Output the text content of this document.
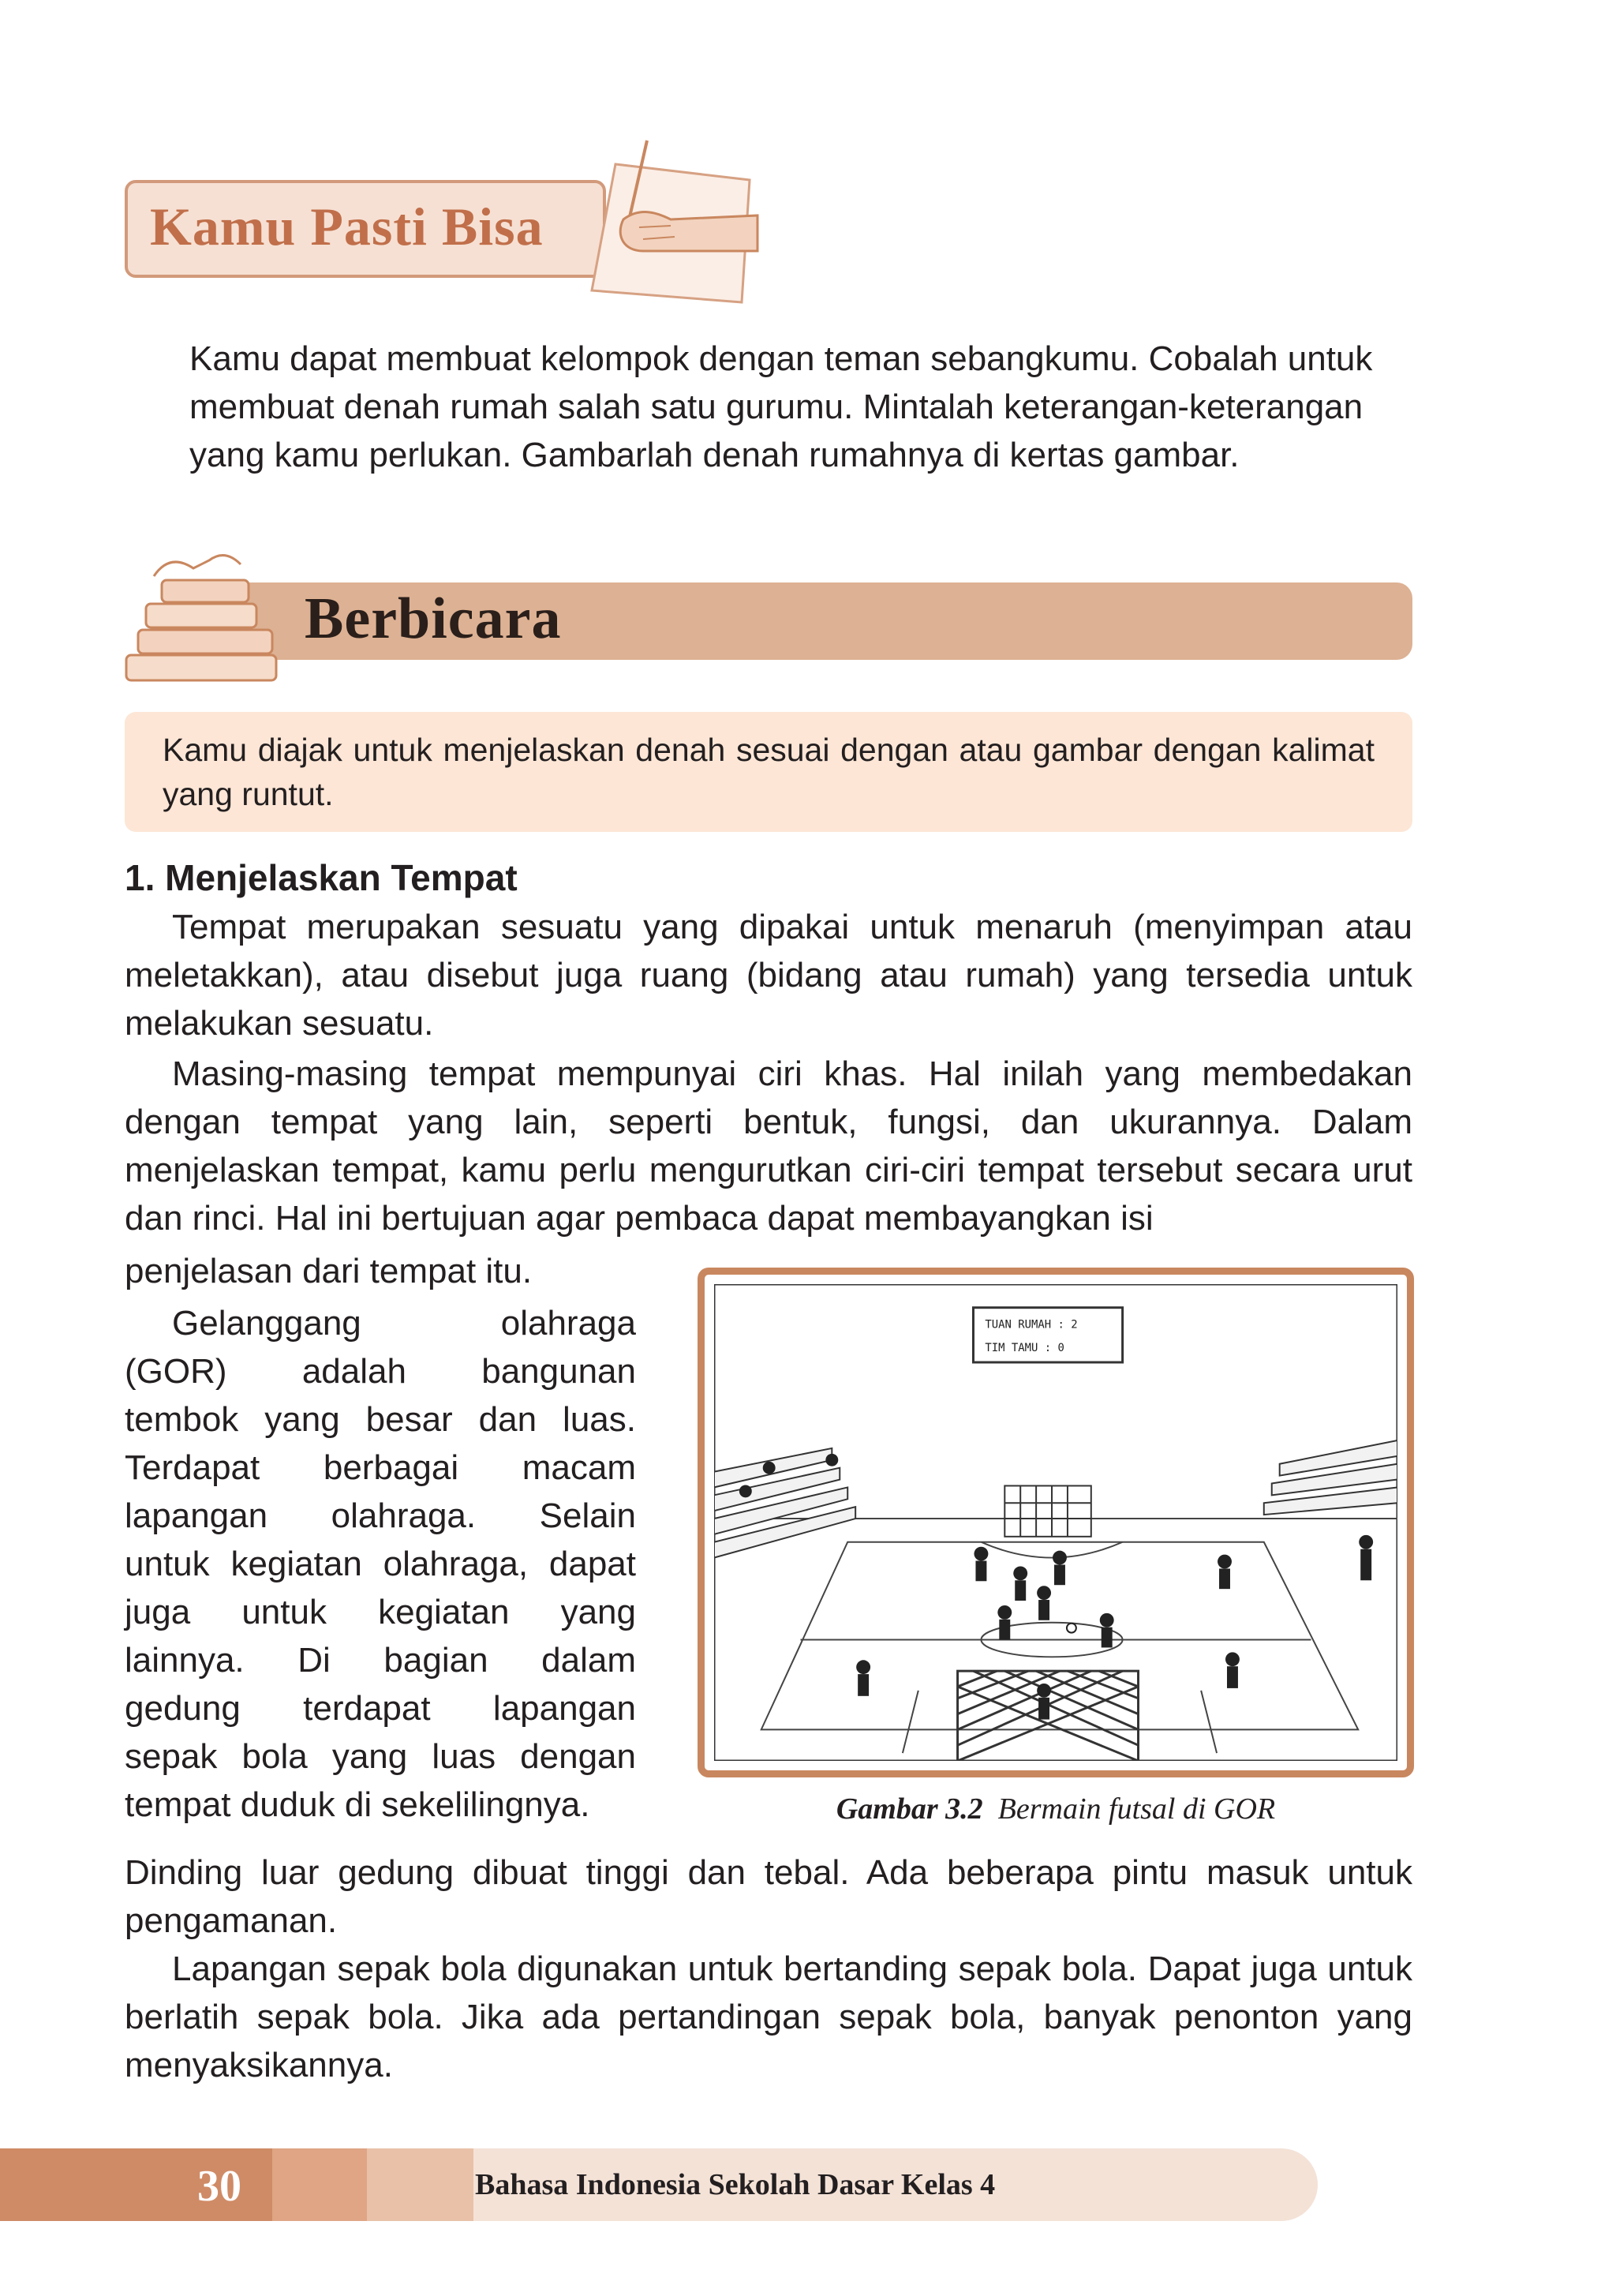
Kamu Pasti Bisa
Kamu dapat membuat kelompok dengan teman sebangkumu. Cobalah untuk membuat denah rumah salah satu gurumu. Mintalah keterangan-keterangan yang kamu perlukan. Gambarlah denah rumahnya di kertas gambar.
Berbicara
Kamu diajak untuk menjelaskan denah sesuai dengan atau gambar dengan kalimat yang runtut.
1. Menjelaskan Tempat
Tempat merupakan sesuatu yang dipakai untuk menaruh (menyimpan atau meletakkan), atau disebut juga ruang (bidang atau rumah) yang tersedia untuk melakukan sesuatu.
Masing-masing tempat mempunyai ciri khas. Hal inilah yang membedakan dengan tempat yang lain, seperti bentuk, fungsi, dan ukurannya. Dalam menjelaskan tempat, kamu perlu mengurutkan ciri-ciri tempat tersebut secara urut dan rinci. Hal ini bertujuan agar pembaca dapat membayangkan isi
penjelasan dari tempat itu.
Gelanggang olahraga
(GOR) adalah bangunan
tembok yang besar dan luas.
Terdapat berbagai macam
lapangan olahraga. Selain
untuk kegiatan olahraga, dapat
juga untuk kegiatan yang
lainnya. Di bagian dalam
gedung terdapat lapangan
sepak bola yang luas dengan
tempat duduk di sekelilingnya.
TUAN RUMAH : 2
TIM TAMU : 0
Gambar 3.2 Bermain futsal di GOR
Dinding luar gedung dibuat tinggi dan tebal. Ada beberapa pintu masuk untuk pengamanan.
Lapangan sepak bola digunakan untuk bertanding sepak bola. Dapat juga untuk berlatih sepak bola. Jika ada pertandingan sepak bola, banyak penonton yang menyaksikannya.
30	Bahasa Indonesia Sekolah Dasar Kelas 4
